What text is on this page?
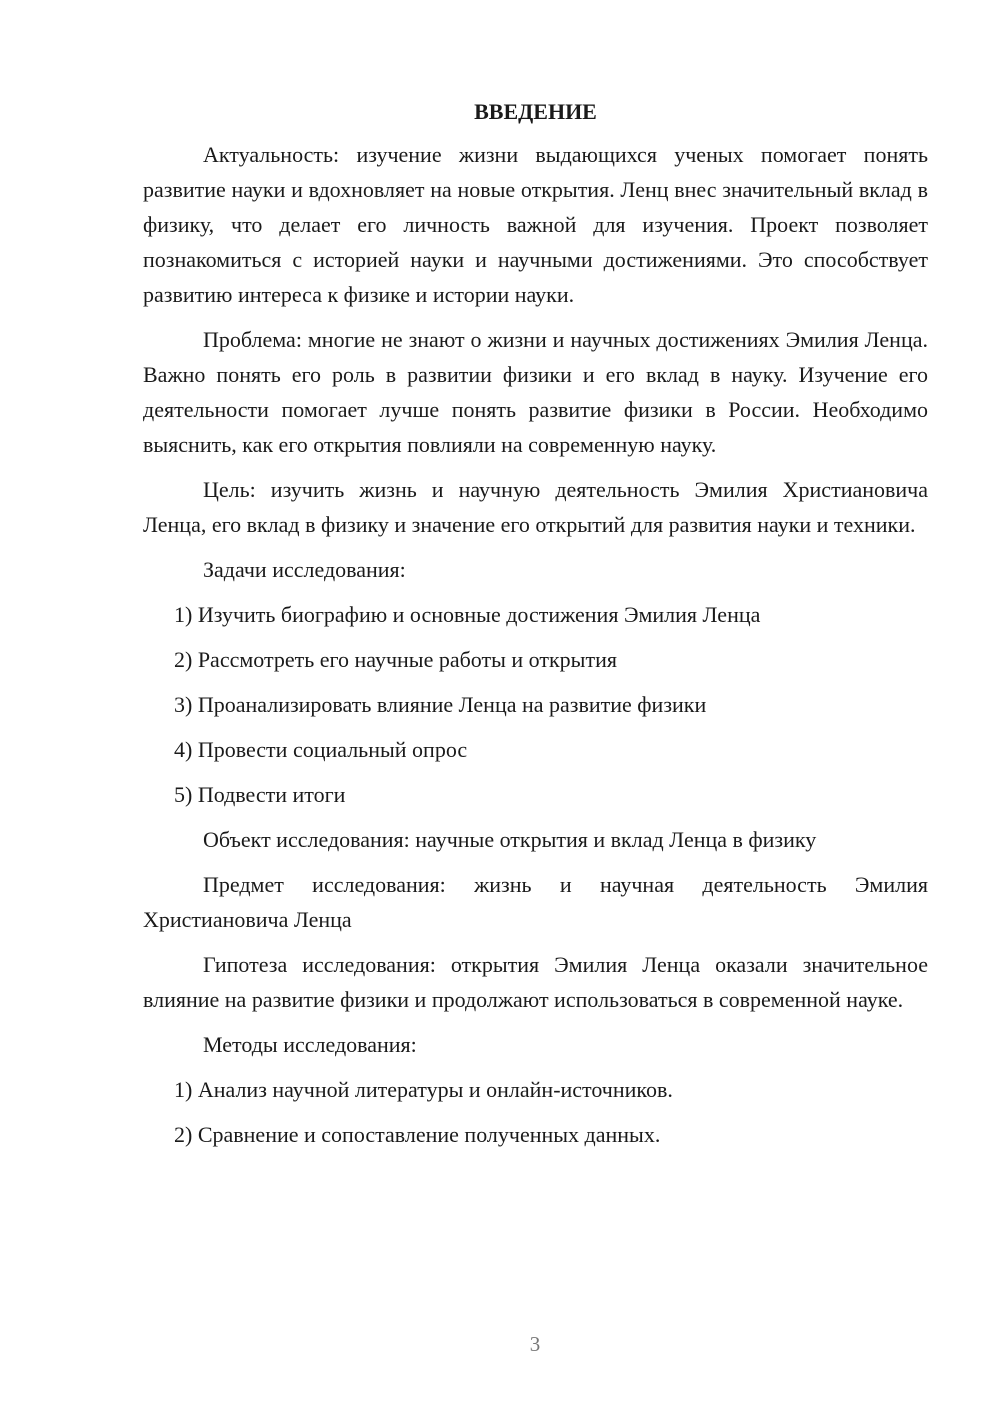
ВВЕДЕНИЕ

Актуальность: изучение жизни выдающихся ученых помогает понять развитие науки и вдохновляет на новые открытия. Ленц внес значительный вклад в физику, что делает его личность важной для изучения. Проект позволяет познакомиться с историей науки и научными достижениями. Это способствует развитию интереса к физике и истории науки.

Проблема: многие не знают о жизни и научных достижениях Эмилия Ленца. Важно понять его роль в развитии физики и его вклад в науку. Изучение его деятельности помогает лучше понять развитие физики в России. Необходимо выяснить, как его открытия повлияли на современную науку.

Цель: изучить жизнь и научную деятельность Эмилия Христиановича Ленца, его вклад в физику и значение его открытий для развития науки и техники.

Задачи исследования:

1) Изучить биографию и основные достижения Эмилия Ленца

2) Рассмотреть его научные работы и открытия

3) Проанализировать влияние Ленца на развитие физики

4) Провести социальный опрос

5) Подвести итоги

Объект исследования: научные открытия и вклад Ленца в физику

Предмет исследования: жизнь и научная деятельность Эмилия Христиановича Ленца

Гипотеза исследования: открытия Эмилия Ленца оказали значительное влияние на развитие физики и продолжают использоваться в современной науке.

Методы исследования:

1) Анализ научной литературы и онлайн-источников.

2) Сравнение и сопоставление полученных данных.

3
